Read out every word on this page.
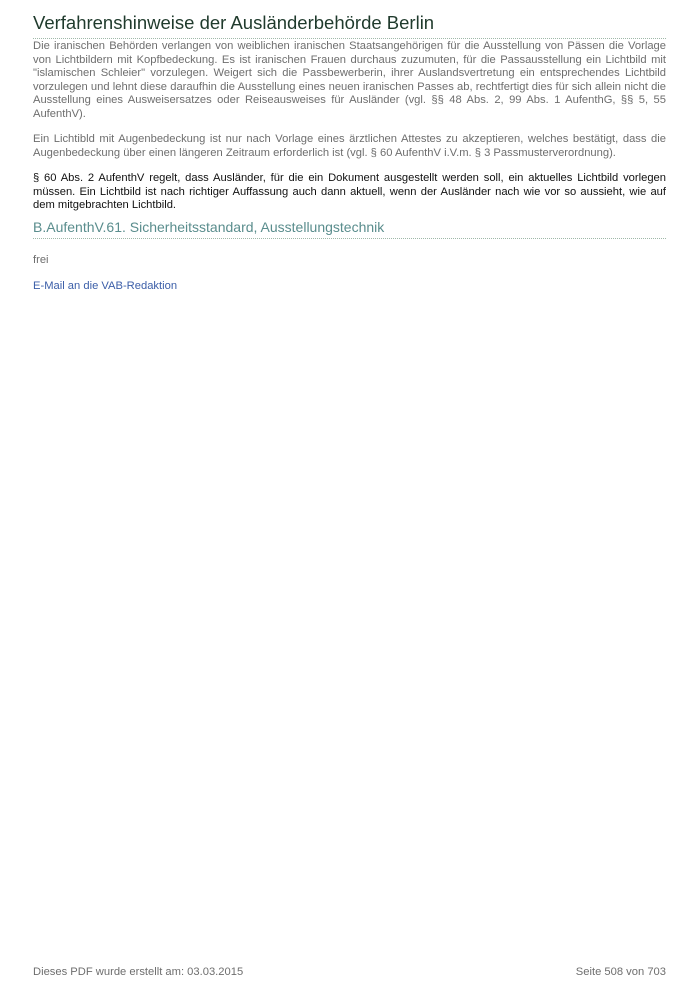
Verfahrenshinweise der Ausländerbehörde Berlin

Die iranischen Behörden verlangen von weiblichen iranischen Staatsangehörigen für die Ausstellung von Pässen die Vorlage von Lichtbildern mit Kopfbedeckung. Es ist iranischen Frauen durchaus zuzumuten, für die Passausstellung ein Lichtbild mit "islamischen Schleier" vorzulegen. Weigert sich die Passbewerberin, ihrer Auslandsvertretung ein entsprechendes Lichtbild vorzulegen und lehnt diese daraufhin die Ausstellung eines neuen iranischen Passes ab, rechtfertigt dies für sich allein nicht die Ausstellung eines Ausweisersatzes oder Reiseausweises für Ausländer (vgl. §§ 48 Abs. 2, 99 Abs. 1 AufenthG, §§ 5, 55 AufenthV).

Ein Lichtibld mit Augenbedeckung ist nur nach Vorlage eines ärztlichen Attestes zu akzeptieren, welches bestätigt, dass die Augenbedeckung über einen längeren Zeitraum erforderlich ist (vgl. § 60 AufenthV i.V.m. § 3 Passmusterverordnung).

§ 60 Abs. 2 AufenthV regelt, dass Ausländer, für die ein Dokument ausgestellt werden soll, ein aktuelles Lichtbild vorlegen müssen. Ein Lichtbild ist nach richtiger Auffassung auch dann aktuell, wenn der Ausländer nach wie vor so aussieht, wie auf dem mitgebrachten Lichtbild.

B.AufenthV.61. Sicherheitsstandard, Ausstellungstechnik
frei
E-Mail an die VAB-Redaktion
Dieses PDF wurde erstellt am: 03.03.2015	Seite 508 von 703
